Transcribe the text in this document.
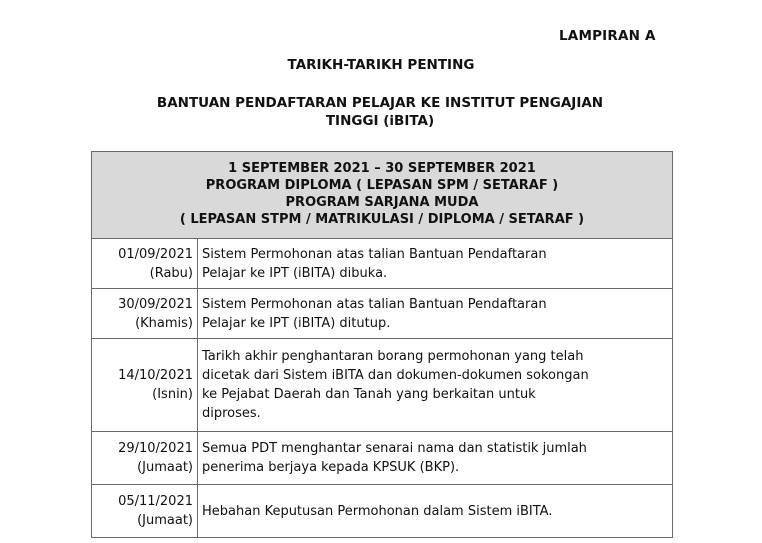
LAMPIRAN A
TARIKH-TARIKH PENTING
BANTUAN PENDAFTARAN PELAJAR KE INSTITUT PENGAJIAN
TINGGI (iBITA)
1 SEPTEMBER 2021 – 30 SEPTEMBER 2021
PROGRAM DIPLOMA ( LEPASAN SPM / SETARAF )
PROGRAM SARJANA MUDA
( LEPASAN STPM / MATRIKULASI / DIPLOMA / SETARAF )	

01/09/2021
(Rabu)	Sistem Permohonan atas talian Bantuan Pendaftaran
Pelajar ke IPT (iBITA) dibuka.

30/09/2021
(Khamis)	Sistem Permohonan atas talian Bantuan Pendaftaran
Pelajar ke IPT (iBITA) ditutup.

14/10/2021
(Isnin)	Tarikh akhir penghantaran borang permohonan yang telah
dicetak dari Sistem iBITA dan dokumen-dokumen sokongan
ke Pejabat Daerah dan Tanah yang berkaitan untuk
diproses.

29/10/2021
(Jumaat)	Semua PDT menghantar senarai nama dan statistik jumlah
penerima berjaya kepada KPSUK (BKP).

05/11/2021
(Jumaat)	Hebahan Keputusan Permohonan dalam Sistem iBITA.
